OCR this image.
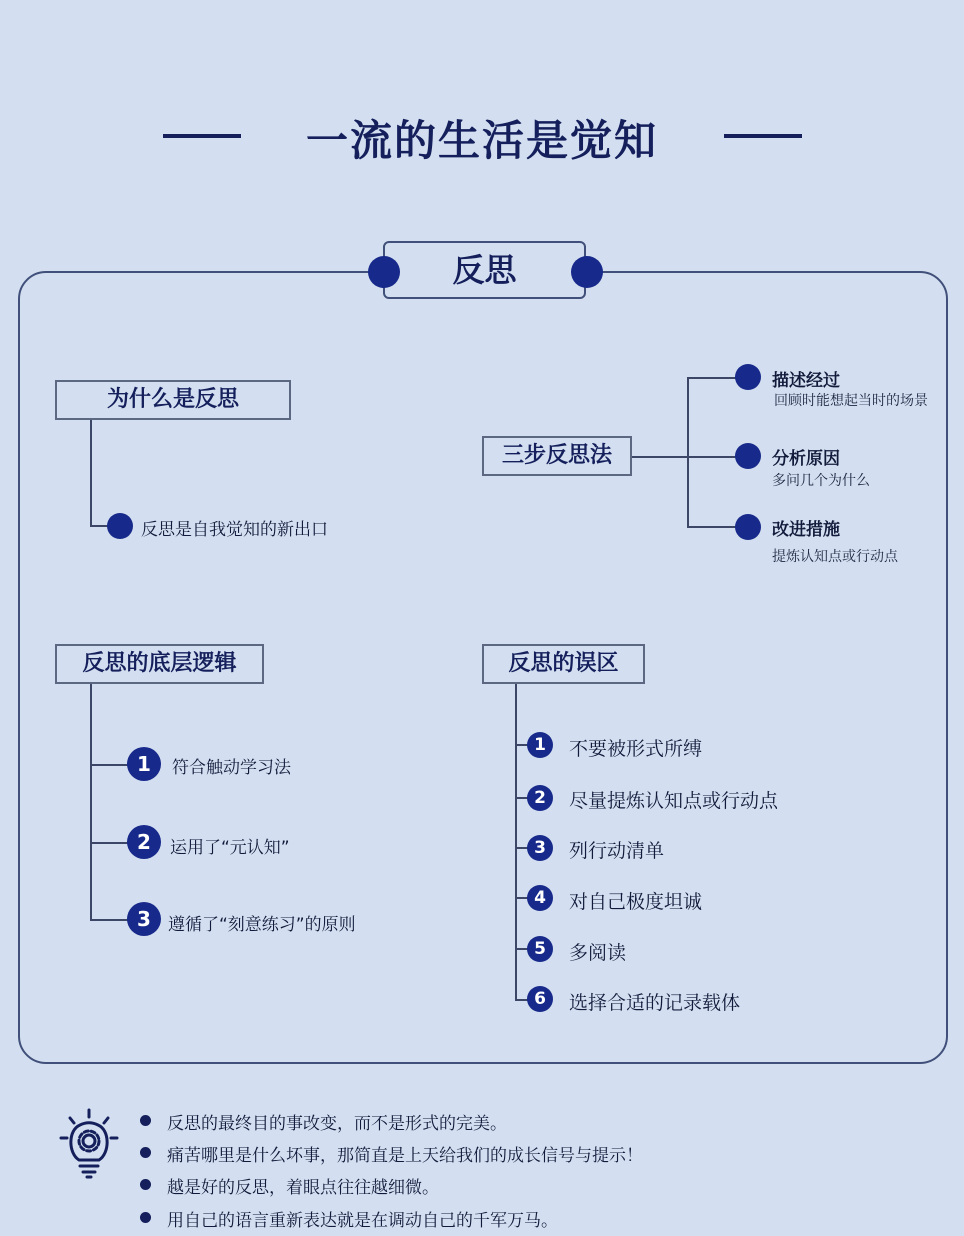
一流的生活是觉知
反思
为什么是反思
反思是自我觉知的新出口
三步反思法
描述经过
回顾时能想起当时的场景
分析原因
多问几个为什么
改进措施
提炼认知点或行动点
反思的底层逻辑
1	符合触动学习法
2	运用了“元认知”
3	遵循了“刻意练习”的原则
反思的误区
1	不要被形式所缚
2	尽量提炼认知点或行动点
3	列行动清单
4	对自己极度坦诚
5	多阅读
6	选择合适的记录载体
反思的最终目的事改变，而不是形式的完美。
痛苦哪里是什么坏事，那简直是上天给我们的成长信号与提示！
越是好的反思，着眼点往往越细微。
用自己的语言重新表达就是在调动自己的千军万马。
